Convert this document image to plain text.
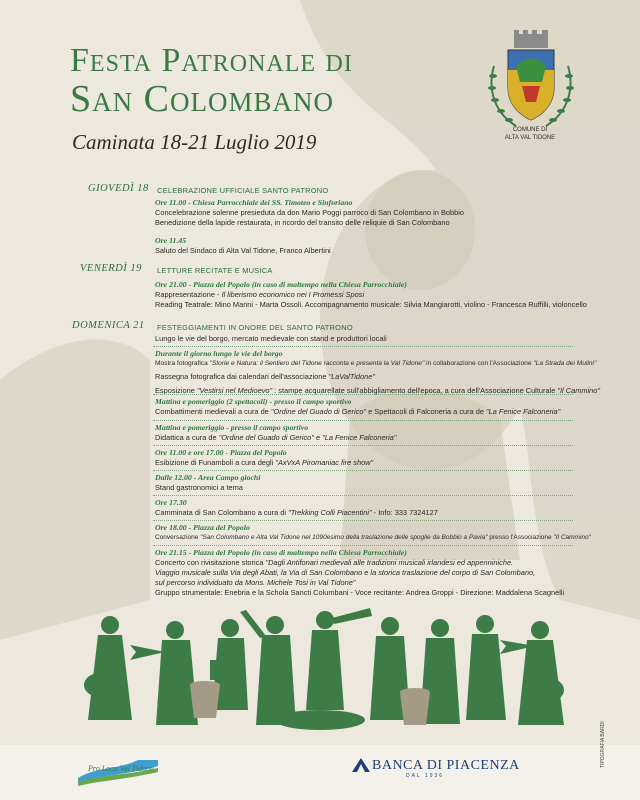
Festa Patronale di
San Colombano
Caminata 18-21 Luglio 2019	COMUNE DI
ALTA VAL TIDONE
GIOVEDÌ 18 CELEBRAZIONE UFFICIALE SANTO PATRONO
Ore 11.00 - Chiesa Parrocchiale dei SS. Timoteo e Sinforiano
Concelebrazione solenne presieduta da don Mario Poggi parroco di San Colombano in Bobbio
Benedizione della lapide restaurata, in ricordo del transito delle reliquie di San Colombano
Ore 11.45
Saluto del Sindaco di Alta Val Tidone, Franco Albertini
VENERDÌ 19 LETTURE RECITATE E MUSICA
Ore 21.00 - Piazza del Popolo (in caso di maltempo nella Chiesa Parrocchiale)
Rappresentazione - Il liberismo economico nei I Promessi Sposi
Reading Teatrale: Mino Manni - Marta Ossoli. Accompagnamento musicale: Silvia Mangiarotti, violino - Francesca Ruffilli, violoncello
DOMENICA 21 FESTEGGIAMENTI IN ONORE DEL SANTO PATRONO
Lungo le vie del borgo, mercato medievale con stand e produttori locali
Durante il giorno lungo le vie del borgo
Mostra fotografica "Storie e Natura: il Sentiero del Tidone racconta e presenta la Val Tidone" in collaborazione con l'Associazione "La Strada dei Mulini"
Rassegna fotografica dai calendari dell'associazione "LaValTidone"
Esposizione "Vestirsi nel Medioevo" : stampe acquarellate sull'abbigliamento dell'epoca, a cura dell'Associazione Culturale "Il Cammino"
Mattina e pomeriggio (2 spettacoli) - presso il campo sportivo
Combattimenti medievali a cura de "Ordine del Guado di Gerico" e Spettacoli di Falconeria a cura de "La Fenice Falconeria"
Mattina e pomeriggio - presso il campo sportivo
Didattica a cura de "Ordine del Guado di Gerico" e "La Fenice Falconeria"
Ore 11.00 e ore 17.00 - Piazza del Popolo
Esibizione di Funamboli a cura degli "AxVxA Piromaniac fire show"
Dalle 12.00 - Area Campo giochi
Stand gastronomici a tema
Ore 17.30
Camminata di San Colombano a cura di "Trekking Colli Piacentini" - Info: 333 7324127
Ore 18.00 - Piazza del Popolo
Conversazione "San Colombano e Alta Val Tidone nel 1090esimo della traslazione delle spoglie da Bobbio a Pavia" presso l'Associazione "Il Cammino"
Ore 21.15 - Piazza del Popolo (in caso di maltempo nella Chiesa Parrocchiale)
Concerto con rivisitazione storica "Dagli Antifonari medievali alle tradizioni musicali irlandesi ed appenniniche.
Viaggio musicale sulla Via degli Abati, la Via di San Colombano e la storica traslazione del corpo di San Colombano,
sul percorso individuato da Mons. Michele Tosi in Val Tidone"
Gruppo strumentale: Enebria e la Schola Sancti Columbani - Voce recitante: Andrea Groppi - Direzione: Maddalena Scagnelli
Pro Loco Val Tidone	BANCA DI PIACENZA
DAL 1936
TIPOGRAFIA BARDI
